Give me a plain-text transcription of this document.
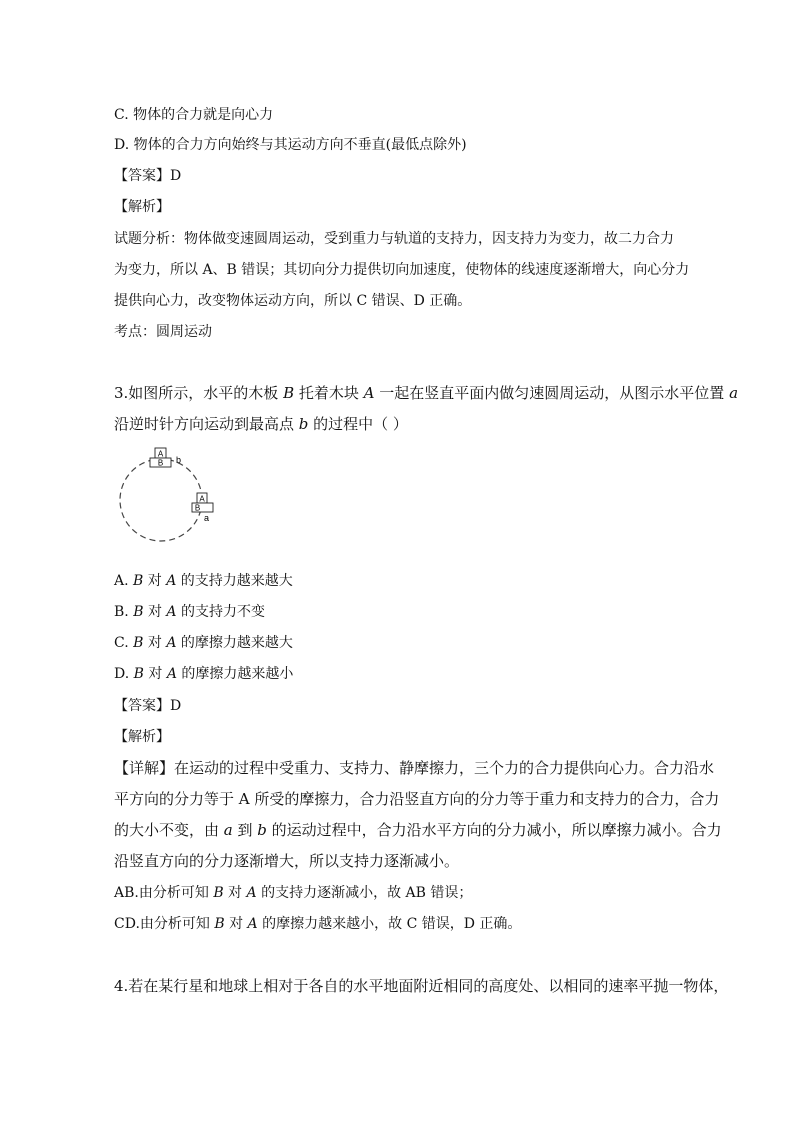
C. 物体的合力就是向心力
D. 物体的合力方向始终与其运动方向不垂直(最低点除外)
【答案】D
【解析】
试题分析：物体做变速圆周运动，受到重力与轨道的支持力，因支持力为变力，故二力合力
为变力，所以 A、B 错误；其切向分力提供切向加速度，使物体的线速度逐渐增大，向心分力
提供向心力，改变物体运动方向，所以 C 错误、D 正确。
考点：圆周运动
3.如图所示，水平的木板 B 托着木块 A 一起在竖直平面内做匀速圆周运动，从图示水平位置 a
沿逆时针方向运动到最高点 b 的过程中（ ）
A
B b
A
B
a
A. B 对 A 的支持力越来越大
B. B 对 A 的支持力不变
C. B 对 A 的摩擦力越来越大
D. B 对 A 的摩擦力越来越小
【答案】D
【解析】
【详解】在运动的过程中受重力、支持力、静摩擦力，三个力的合力提供向心力。合力沿水
平方向的分力等于 A 所受的摩擦力，合力沿竖直方向的分力等于重力和支持力的合力，合力
的大小不变，由 a 到 b 的运动过程中，合力沿水平方向的分力减小，所以摩擦力减小。合力
沿竖直方向的分力逐渐增大，所以支持力逐渐减小。
AB.由分析可知 B 对 A 的支持力逐渐减小，故 AB 错误；
CD.由分析可知 B 对 A 的摩擦力越来越小，故 C 错误，D 正确。
4.若在某行星和地球上相对于各自的水平地面附近相同的高度处、以相同的速率平抛一物体，
